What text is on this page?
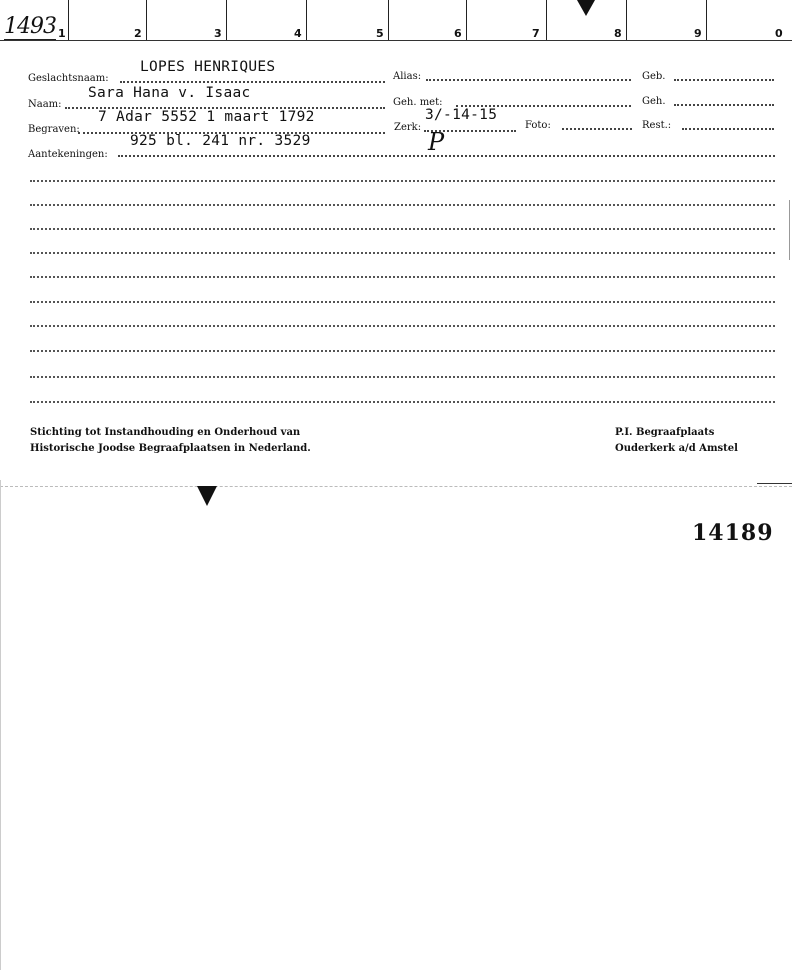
1	2	3	4	5	6	7	8	9	0
1493
Geslachtsnaam:
LOPES HENRIQUES
Alias:	Geb.
Naam:
Sara Hana v. Isaac
Geh. met:	Geh.
Begraven:
7 Adar 5552 1 maart 1792
Zerk:
3/-14-15
Foto:	Rest.:
Aantekeningen:
925 bl. 241 nr. 3529	P
Stichting tot Instandhouding en Onderhoud van
Historische Joodse Begraafplaatsen in Nederland.
P.I. Begraafplaats
Ouderkerk a/d Amstel
14189
